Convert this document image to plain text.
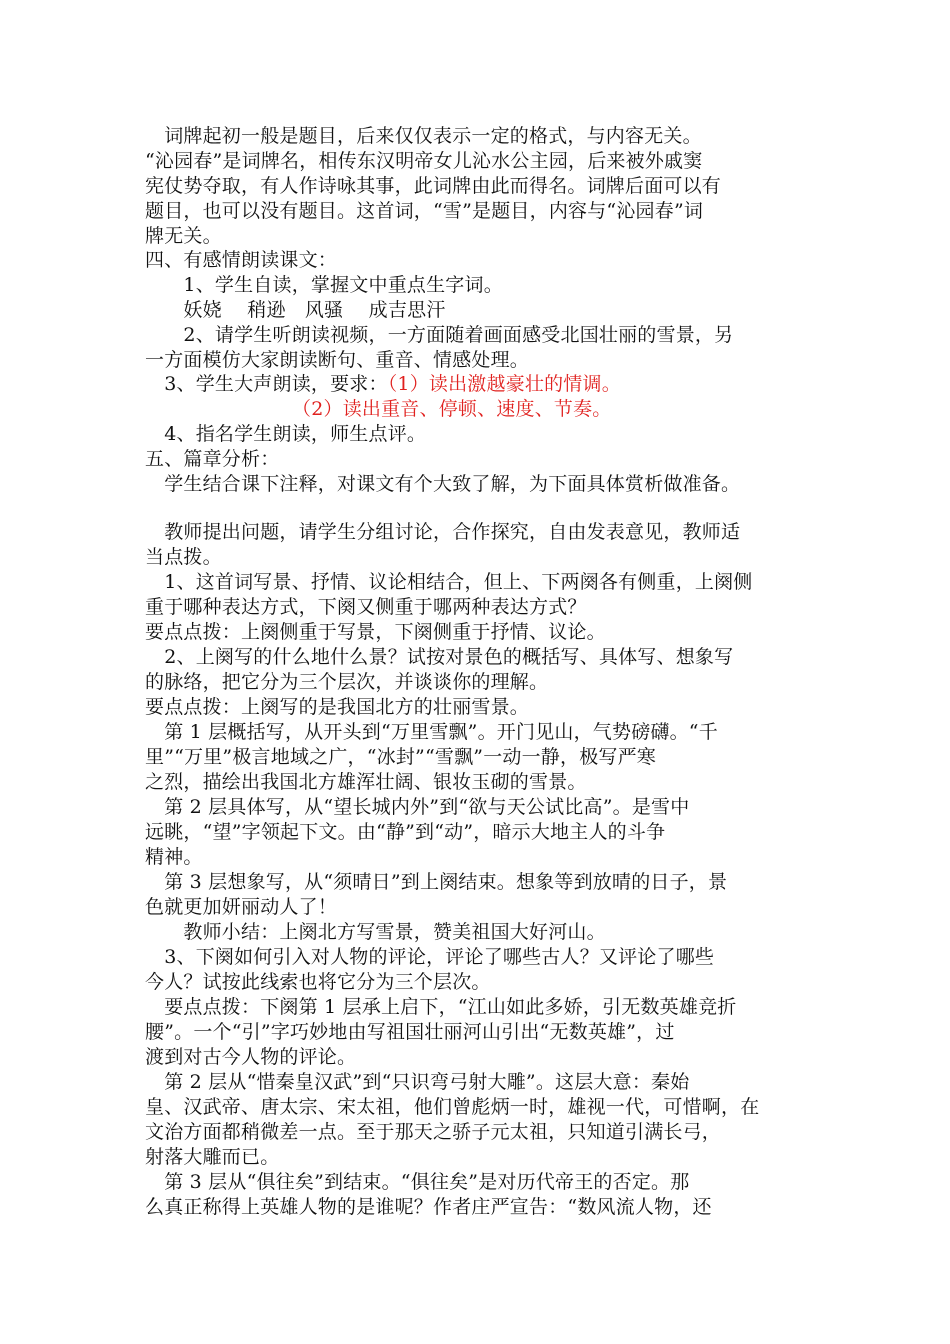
　词牌起初一般是题目，后来仅仅表示一定的格式，与内容无关。

“沁园春”是词牌名，相传东汉明帝女儿沁水公主园，后来被外戚窦

宪仗势夺取，有人作诗咏其事，此词牌由此而得名。词牌后面可以有

题目，也可以没有题目。这首词，“雪”是题目，内容与“沁园春”词

牌无关。

四、有感情朗读课文：

　　1、学生自读，掌握文中重点生字词。

　　妖娆　 稍逊　风骚　 成吉思汗

　　2、请学生听朗读视频，一方面随着画面感受北国壮丽的雪景，另

一方面模仿大家朗读断句、重音、情感处理。

　3、学生大声朗读，要求：（1）读出激越豪壮的情调。

（2）读出重音、停顿、速度、节奏。

　4、指名学生朗读，师生点评。

五、篇章分析：

　学生结合课下注释，对课文有个大致了解，为下面具体赏析做准备。

　教师提出问题，请学生分组讨论，合作探究，自由发表意见，教师适

当点拨。

　1、这首词写景、抒情、议论相结合，但上、下两阕各有侧重，上阕侧

重于哪种表达方式，下阕又侧重于哪两种表达方式？

要点点拨：上阕侧重于写景，下阕侧重于抒情、议论。

　2、上阕写的什么地什么景？试按对景色的概括写、具体写、想象写

的脉络，把它分为三个层次，并谈谈你的理解。

要点点拨：上阕写的是我国北方的壮丽雪景。

　第 1 层概括写，从开头到“万里雪飘”。开门见山，气势磅礴。“千

里”“万里”极言地域之广，“冰封”“雪飘”一动一静，极写严寒

之烈，描绘出我国北方雄浑壮阔、银妆玉砌的雪景。

　第 2 层具体写，从“望长城内外”到“欲与天公试比高”。是雪中

远眺，“望”字领起下文。由“静”到“动”，暗示大地主人的斗争

精神。

　第 3 层想象写，从“须晴日”到上阕结束。想象等到放晴的日子，景

色就更加妍丽动人了！

　　教师小结：上阕北方写雪景，赞美祖国大好河山。

　3、下阕如何引入对人物的评论，评论了哪些古人？又评论了哪些

今人？试按此线索也将它分为三个层次。

　要点点拨：下阕第 1 层承上启下，“江山如此多娇，引无数英雄竞折

腰”。一个“引”字巧妙地由写祖国壮丽河山引出“无数英雄”，过

渡到对古今人物的评论。

　第 2 层从“惜秦皇汉武”到“只识弯弓射大雕”。这层大意：秦始

皇、汉武帝、唐太宗、宋太祖，他们曾彪炳一时，雄视一代，可惜啊，在

文治方面都稍微差一点。至于那天之骄子元太祖，只知道引满长弓，

射落大雕而已。

　第 3 层从“俱往矣”到结束。“俱往矣”是对历代帝王的否定。那

么真正称得上英雄人物的是谁呢？作者庄严宣告：“数风流人物，还
